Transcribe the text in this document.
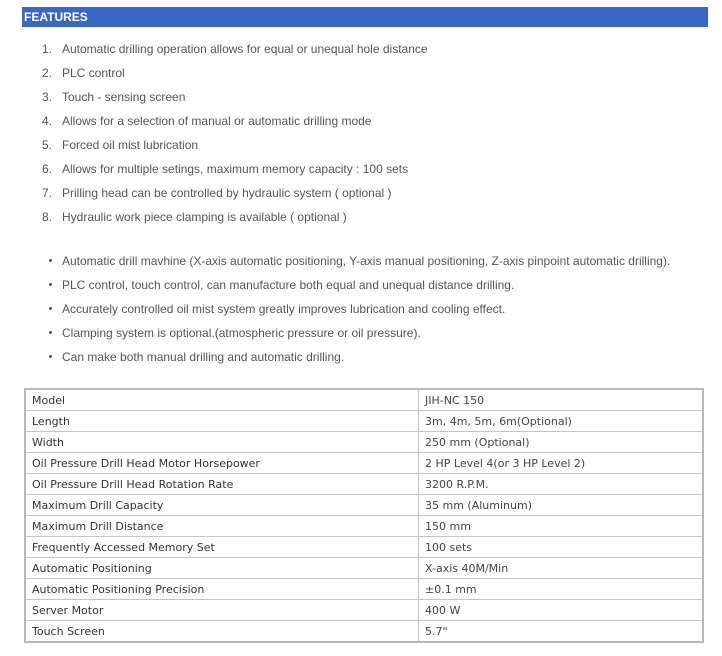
FEATURES
1. Automatic drilling operation allows for equal or unequal hole distance
2. PLC control
3. Touch - sensing screen
4. Allows for a selection of manual or automatic drilling mode
5. Forced oil mist lubrication
6. Allows for multiple setings, maximum memory capacity : 100 sets
7. Prilling head can be controlled by hydraulic system ( optional )
8. Hydraulic work piece clamping is available ( optional )
Automatic drill mavhine (X-axis automatic positioning, Y-axis manual positioning, Z-axis pinpoint automatic drilling).
PLC control, touch control, can manufacture both equal and unequal distance drilling.
Accurately controlled oil mist system greatly improves lubrication and cooling effect.
Clamping system is optional.(atmospheric pressure or oil pressure).
Can make both manual drilling and automatic drilling.
Model	JIH-NC 150
Length	3m, 4m, 5m, 6m(Optional)
Width	250 mm (Optional)
Oil Pressure Drill Head Motor Horsepower	2 HP Level 4(or 3 HP Level 2)
Oil Pressure Drill Head Rotation Rate	3200 R.P.M.
Maximum Drill Capacity	35 mm (Aluminum)
Maximum Drill Distance	150 mm
Frequently Accessed Memory Set	100 sets
Automatic Positioning	X-axis 40M/Min
Automatic Positioning Precision	±0.1 mm
Server Motor	400 W
Touch Screen	5.7"
